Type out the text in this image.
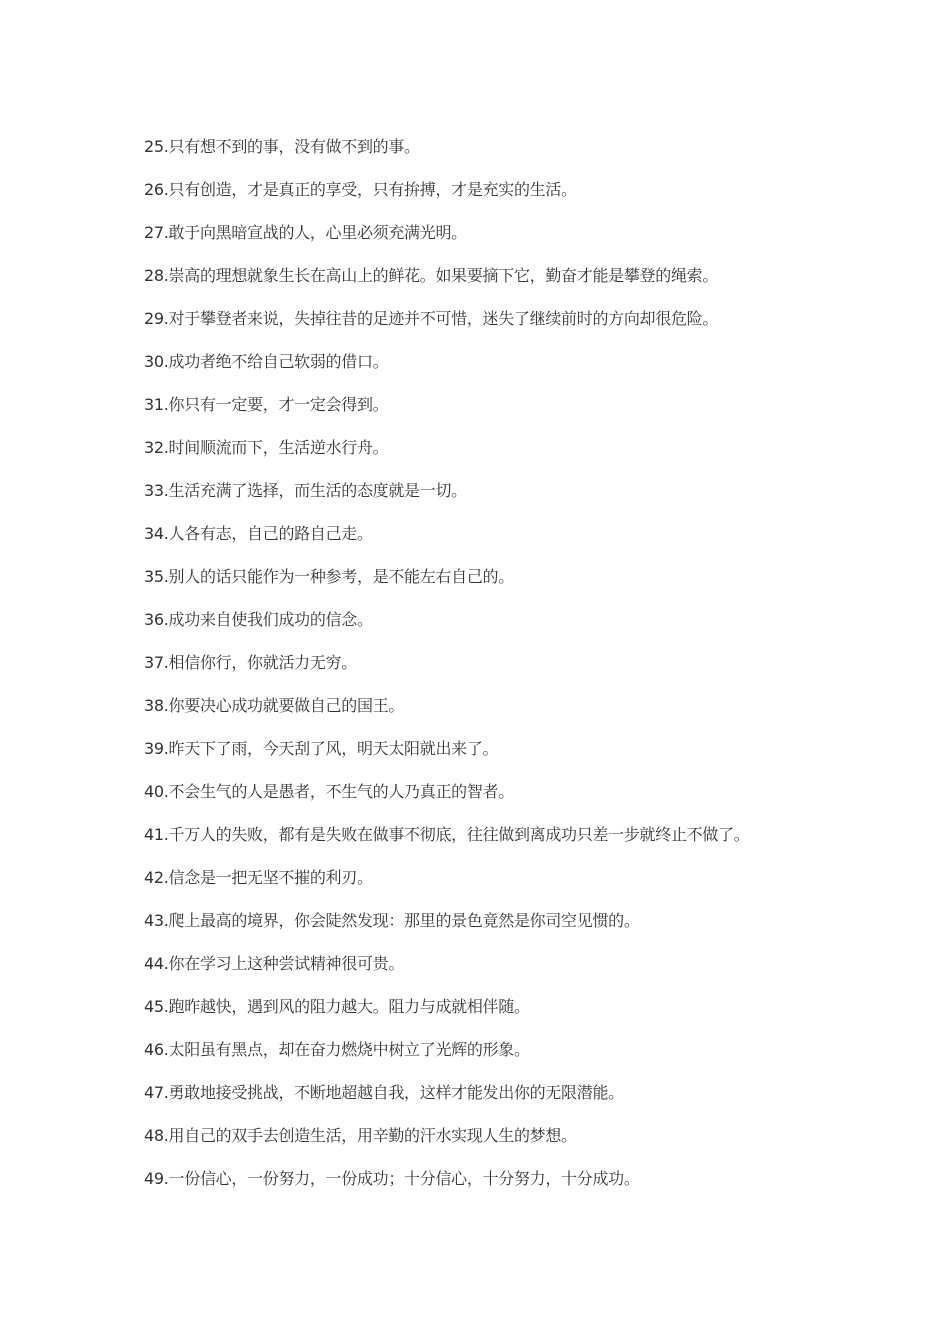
25.只有想不到的事，没有做不到的事。
26.只有创造，才是真正的享受，只有拚搏，才是充实的生活。
27.敢于向黑暗宣战的人，心里必须充满光明。
28.崇高的理想就象生长在高山上的鲜花。如果要摘下它，勤奋才能是攀登的绳索。
29.对于攀登者来说，失掉往昔的足迹并不可惜，迷失了继续前时的方向却很危险。
30.成功者绝不给自己软弱的借口。
31.你只有一定要，才一定会得到。
32.时间顺流而下，生活逆水行舟。
33.生活充满了选择，而生活的态度就是一切。
34.人各有志，自己的路自己走。
35.别人的话只能作为一种参考，是不能左右自己的。
36.成功来自使我们成功的信念。
37.相信你行，你就活力无穷。
38.你要决心成功就要做自己的国王。
39.昨天下了雨，今天刮了风，明天太阳就出来了。
40.不会生气的人是愚者，不生气的人乃真正的智者。
41.千万人的失败，都有是失败在做事不彻底，往往做到离成功只差一步就终止不做了。
42.信念是一把无坚不摧的利刃。
43.爬上最高的境界，你会陡然发现：那里的景色竟然是你司空见惯的。
44.你在学习上这种尝试精神很可贵。
45.跑昨越快，遇到风的阻力越大。阻力与成就相伴随。
46.太阳虽有黑点，却在奋力燃烧中树立了光辉的形象。
47.勇敢地接受挑战，不断地超越自我，这样才能发出你的无限潜能。
48.用自己的双手去创造生活，用辛勤的汗水实现人生的梦想。
49.一份信心，一份努力，一份成功；十分信心，十分努力，十分成功。
